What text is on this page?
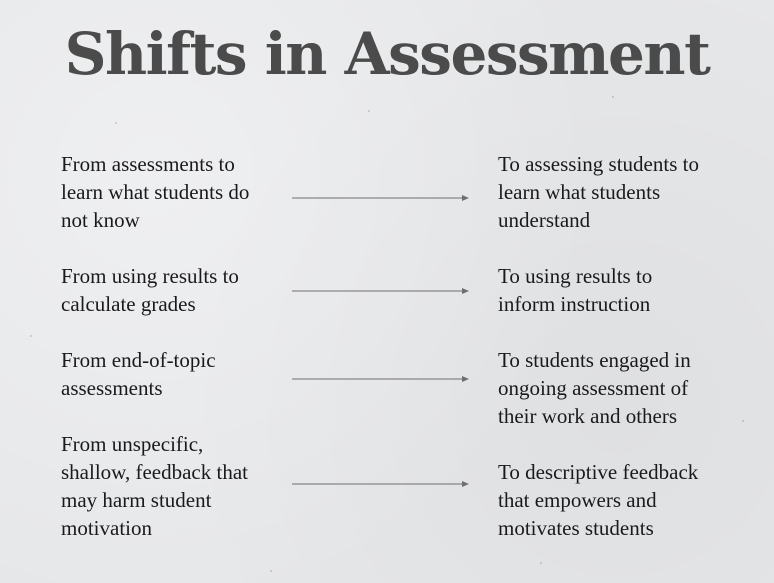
Shifts in Assessment
From assessments to
learn what students do
not know
To assessing students to
learn what students
understand
From using results to
calculate grades
To using results to
inform instruction
From end-of-topic
assessments
To students engaged in
ongoing assessment of
their work and others
From unspecific,
shallow, feedback that
may harm student
motivation
To descriptive feedback
that empowers and
motivates students
